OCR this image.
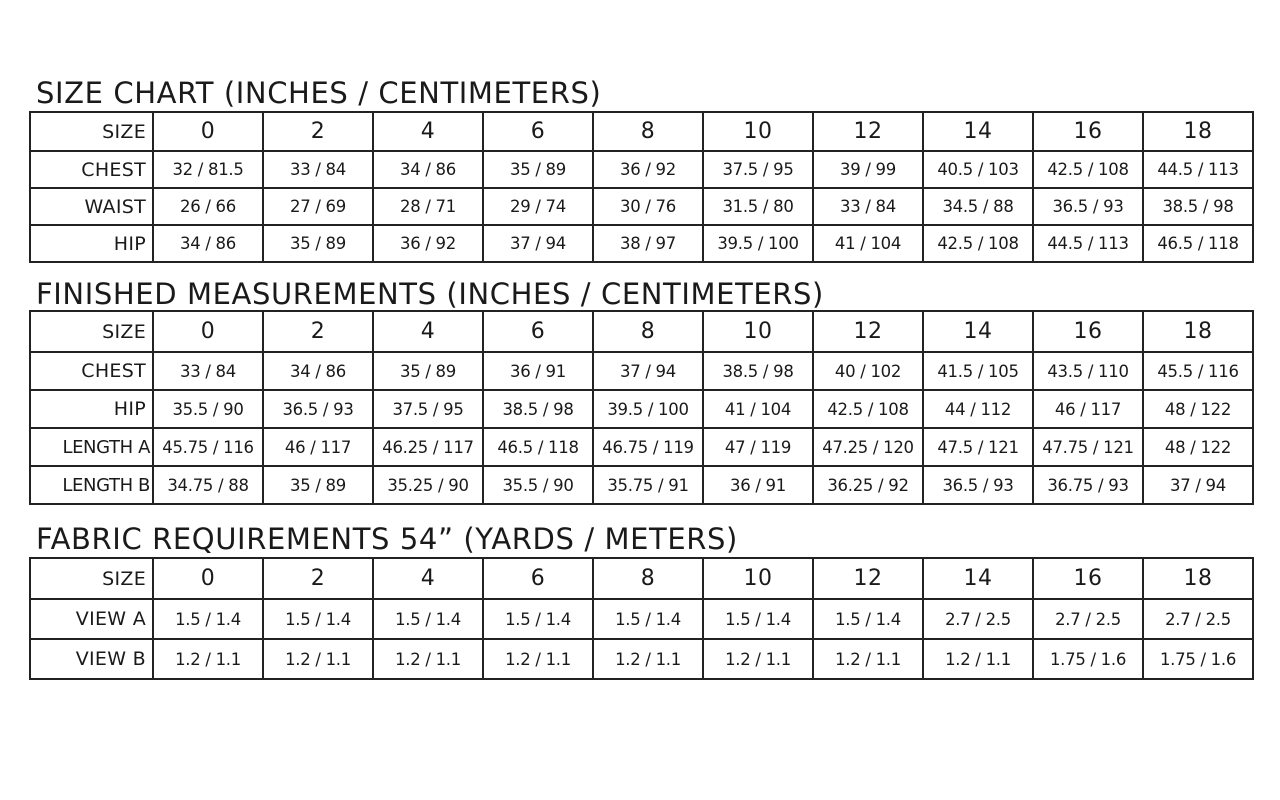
SIZE CHART (INCHES / CENTIMETERS)
SIZE	0	2	4	6	8	10	12	14	16	18
CHEST	32 / 81.5	33 / 84	34 / 86	35 / 89	36 / 92	37.5 / 95	39 / 99	40.5 / 103	42.5 / 108	44.5 / 113
WAIST	26 / 66	27 / 69	28 / 71	29 / 74	30 / 76	31.5 / 80	33 / 84	34.5 / 88	36.5 / 93	38.5 / 98
HIP	34 / 86	35 / 89	36 / 92	37 / 94	38 / 97	39.5 / 100	41 / 104	42.5 / 108	44.5 / 113	46.5 / 118
FINISHED MEASUREMENTS (INCHES / CENTIMETERS)
SIZE	0	2	4	6	8	10	12	14	16	18
CHEST	33 / 84	34 / 86	35 / 89	36 / 91	37 / 94	38.5 / 98	40 / 102	41.5 / 105	43.5 / 110	45.5 / 116
HIP	35.5 / 90	36.5 / 93	37.5 / 95	38.5 / 98	39.5 / 100	41 / 104	42.5 / 108	44 / 112	46 / 117	48 / 122
LENGTH A	45.75 / 116	46 / 117	46.25 / 117	46.5 / 118	46.75 / 119	47 / 119	47.25 / 120	47.5 / 121	47.75 / 121	48 / 122
LENGTH B	34.75 / 88	35 / 89	35.25 / 90	35.5 / 90	35.75 / 91	36 / 91	36.25 / 92	36.5 / 93	36.75 / 93	37 / 94
FABRIC REQUIREMENTS 54” (YARDS / METERS)
SIZE	0	2	4	6	8	10	12	14	16	18
VIEW A	1.5 / 1.4	1.5 / 1.4	1.5 / 1.4	1.5 / 1.4	1.5 / 1.4	1.5 / 1.4	1.5 / 1.4	2.7 / 2.5	2.7 / 2.5	2.7 / 2.5
VIEW B	1.2 / 1.1	1.2 / 1.1	1.2 / 1.1	1.2 / 1.1	1.2 / 1.1	1.2 / 1.1	1.2 / 1.1	1.2 / 1.1	1.75 / 1.6	1.75 / 1.6
